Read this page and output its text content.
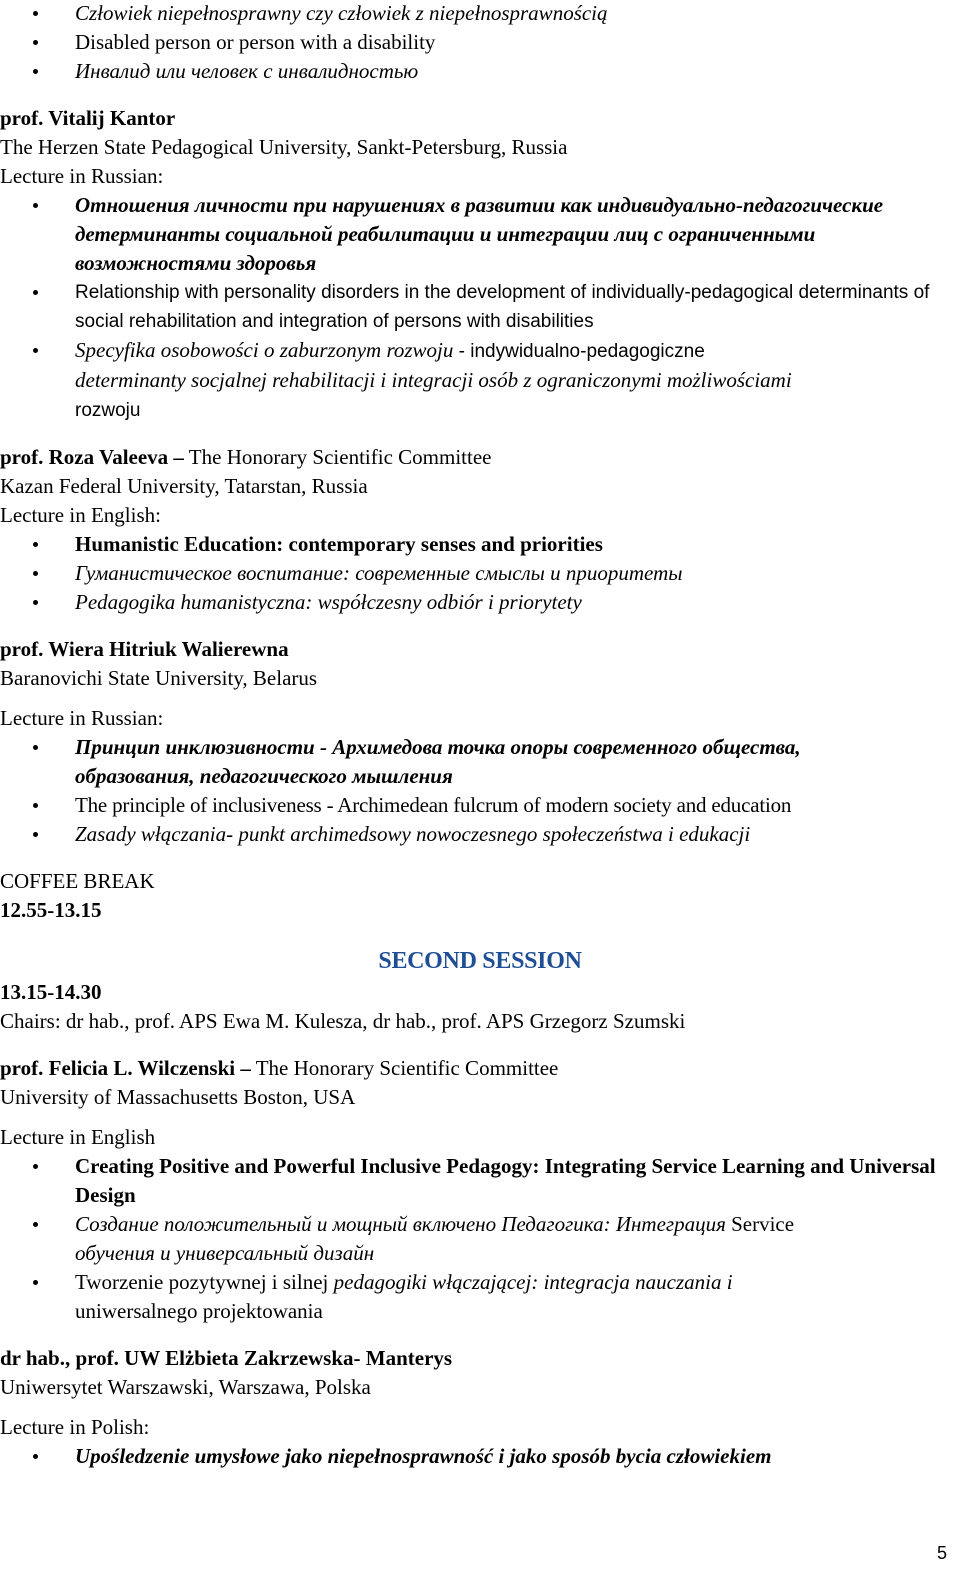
Człowiek niepełnosprawny czy człowiek z niepełnosprawnością
Disabled person or person with a disability
Инвалид или человек с инвалидностью
prof. Vitalij Kantor
The Herzen State Pedagogical University, Sankt-Petersburg, Russia
Lecture in Russian:
Отношения личности при нарушениях в развитии как индивидуально-педагогические детерминанты социальной реабилитации и интеграции лиц с ограниченными возможностями здоровья
Relationship with personality disorders in the development of individually-pedagogical determinants of social rehabilitation and integration of persons with disabilities
Specyfika osobowości o zaburzonym rozwoju - indywidualno-pedagogiczne
determinanty socjalnej rehabilitacji i integracji osób z ograniczonymi możliwościami
rozwoju
prof. Roza Valeeva – The Honorary Scientific Committee
Kazan Federal University, Tatarstan, Russia
Lecture in English:
Humanistic Education: contemporary senses and priorities
Гуманистическое воспитание: современные смыслы и приоритеты
Pedagogika humanistyczna: współczesny odbiór i priorytety
prof. Wiera Hitriuk Walierewna
Baranovichi State University, Belarus
Lecture in Russian:
Принцип инклюзивности - Архимедова точка опоры современного общества, образования, педагогического мышления
The principle of inclusiveness - Archimedean fulcrum of modern society and education
Zasady włączania- punkt archimedsowy nowoczesnego społeczeństwa i edukacji
COFFEE BREAK
12.55-13.15
SECOND SESSION
13.15-14.30
Chairs: dr hab., prof. APS Ewa M. Kulesza, dr hab., prof. APS Grzegorz Szumski
prof. Felicia L. Wilczenski – The Honorary Scientific Committee
University of Massachusetts Boston, USA
Lecture in English
Creating Positive and Powerful Inclusive Pedagogy: Integrating Service Learning and Universal Design
Создание положительный и мощный включено Педагогика: Интеграция Service
обучения и универсальный дизайн
Tworzenie pozytywnej i silnej pedagogiki włączającej: integracja nauczania i
uniwersalnego projektowania
dr hab., prof. UW Elżbieta Zakrzewska- Manterys
Uniwersytet Warszawski, Warszawa, Polska
Lecture in Polish:
Upośledzenie umysłowe jako niepełnosprawność i jako sposób bycia człowiekiem
5
